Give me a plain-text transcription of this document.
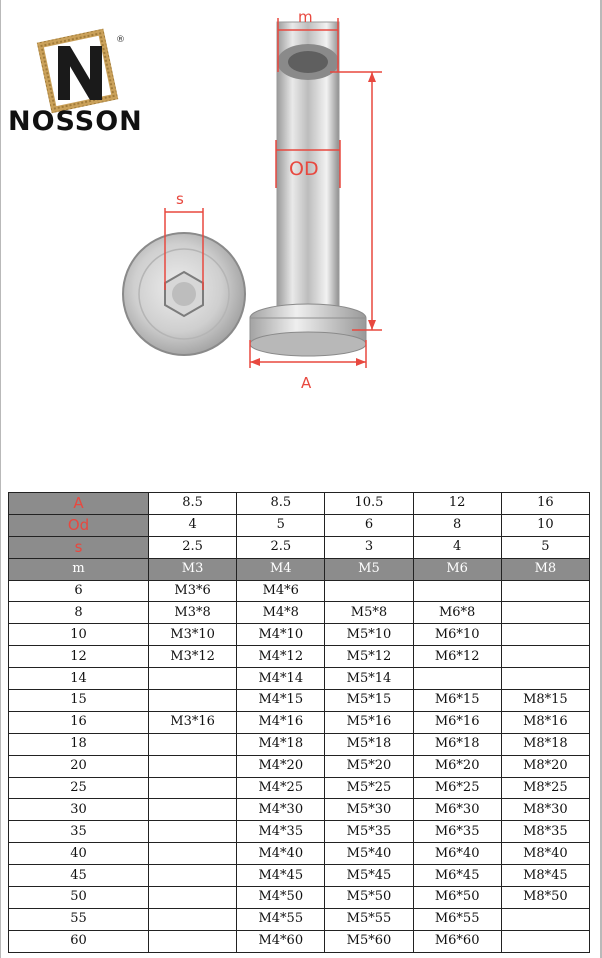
®
NOSSON
m
OD
s
A
A	8.5	8.5	10.5	12	16
Od	4	5	6	8	10
s	2.5	2.5	3	4	5
m	M3	M4	M5	M6	M8
6	M3*6	M4*6			
8	M3*8	M4*8	M5*8	M6*8	
10	M3*10	M4*10	M5*10	M6*10	
12	M3*12	M4*12	M5*12	M6*12	
14		M4*14	M5*14		
15		M4*15	M5*15	M6*15	M8*15
16	M3*16	M4*16	M5*16	M6*16	M8*16
18		M4*18	M5*18	M6*18	M8*18
20		M4*20	M5*20	M6*20	M8*20
25		M4*25	M5*25	M6*25	M8*25
30		M4*30	M5*30	M6*30	M8*30
35		M4*35	M5*35	M6*35	M8*35
40		M4*40	M5*40	M6*40	M8*40
45		M4*45	M5*45	M6*45	M8*45
50		M4*50	M5*50	M6*50	M8*50
55		M4*55	M5*55	M6*55	
60		M4*60	M5*60	M6*60	
